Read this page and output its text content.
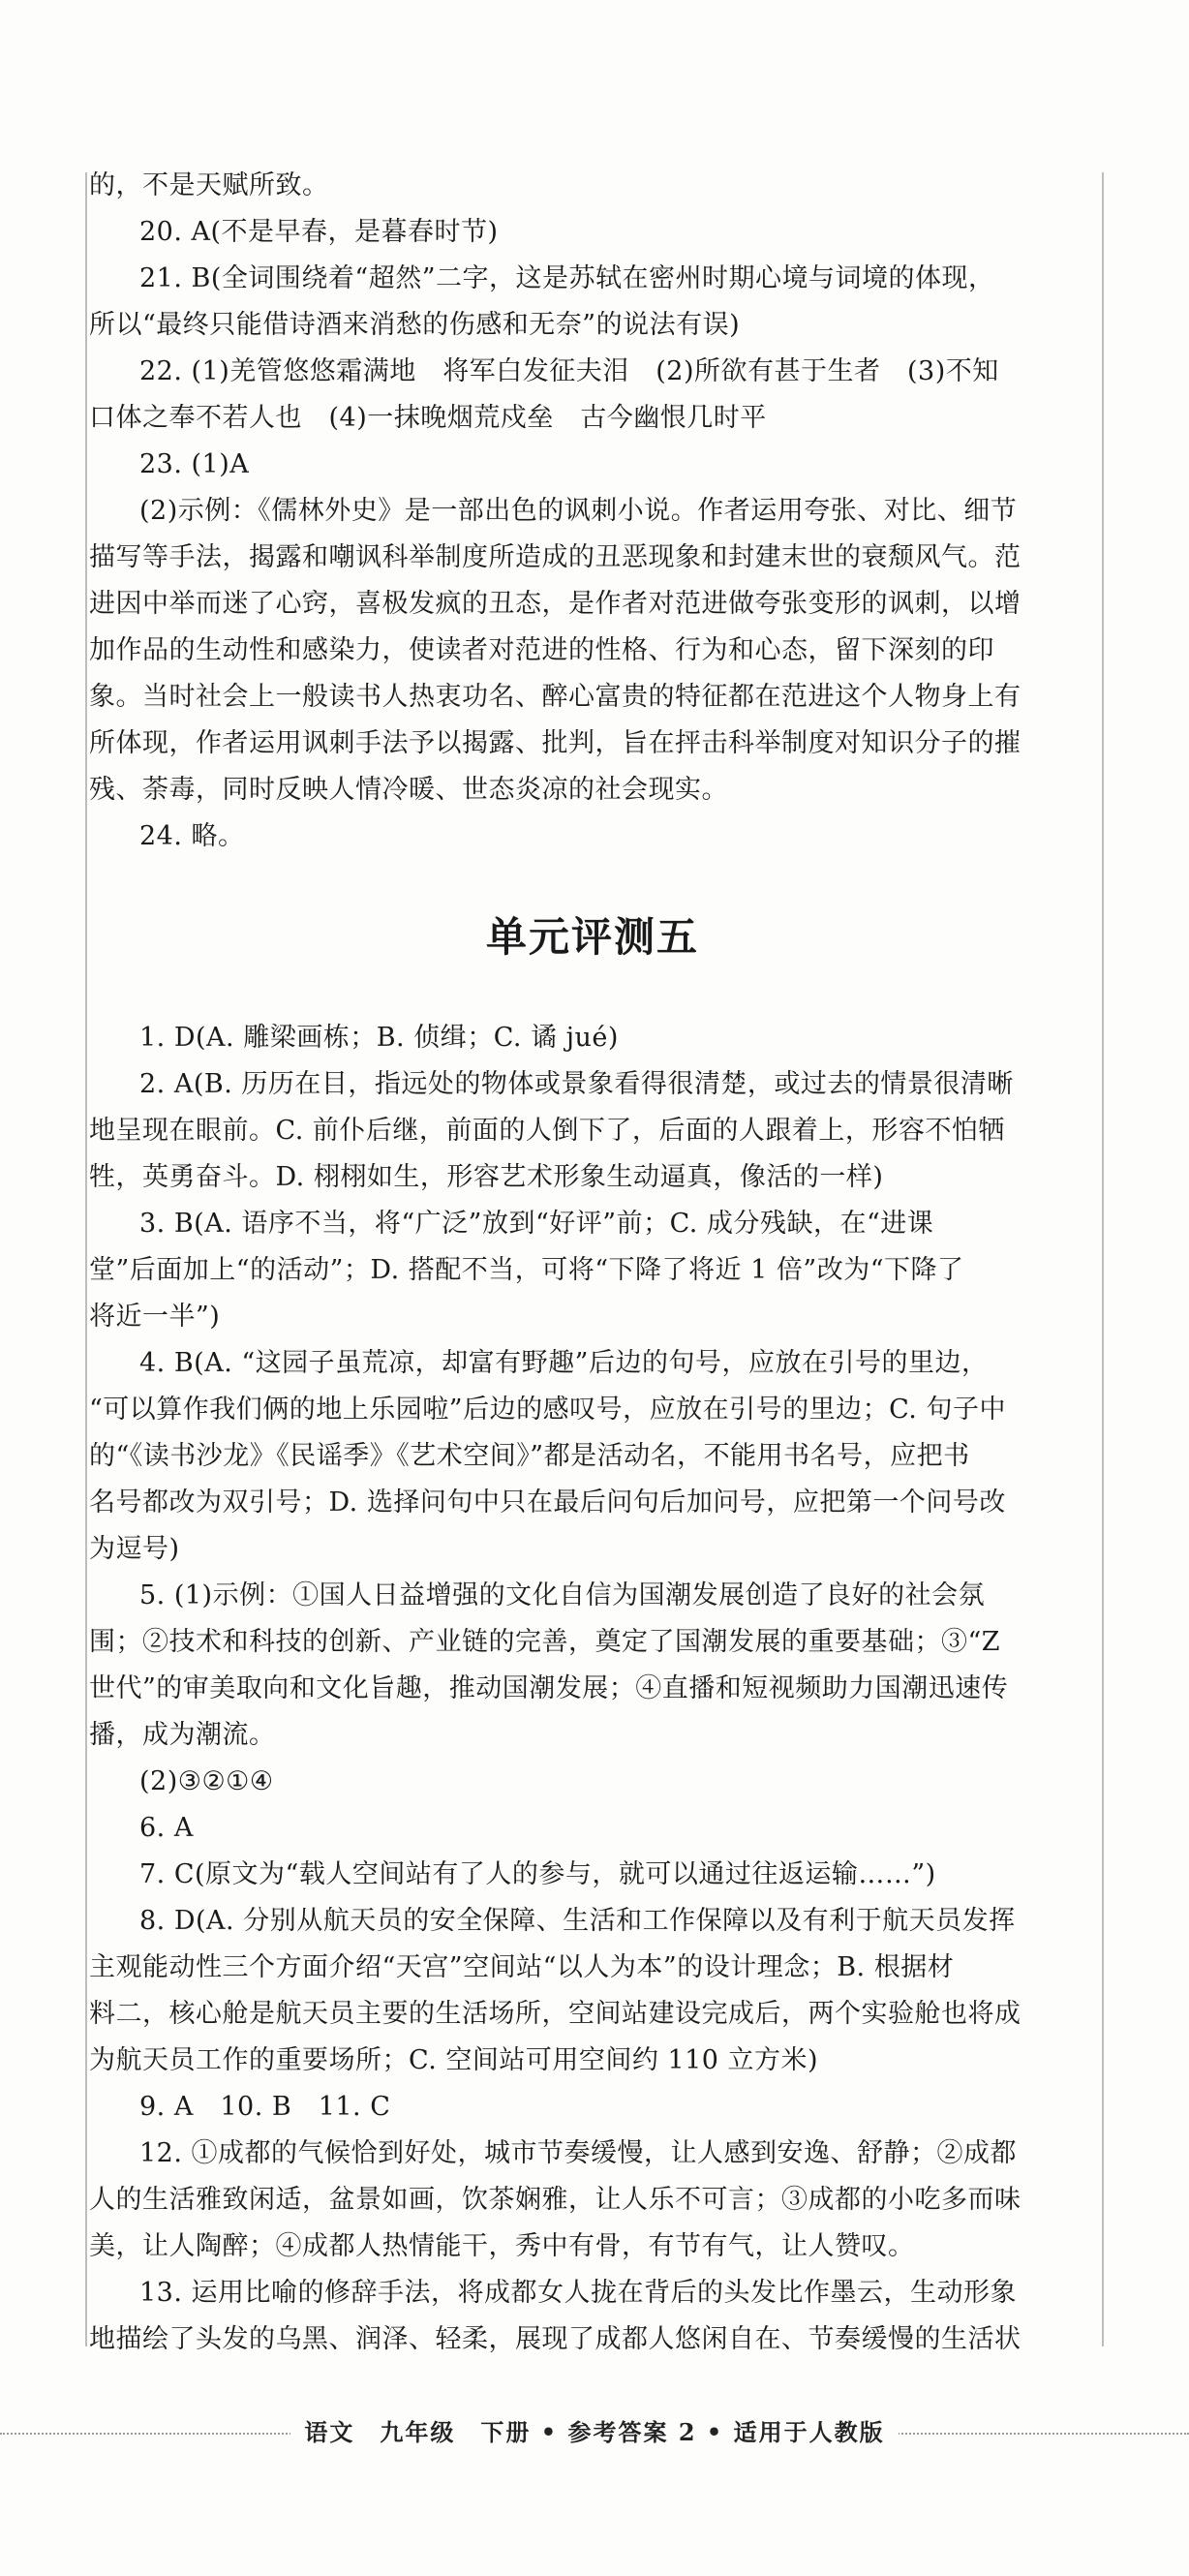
的，不是天赋所致。
20. A(不是早春，是暮春时节)
21. B(全词围绕着“超然”二字，这是苏轼在密州时期心境与词境的体现，
所以“最终只能借诗酒来消愁的伤感和无奈”的说法有误)
22. (1)羌管悠悠霜满地　将军白发征夫泪　(2)所欲有甚于生者　(3)不知
口体之奉不若人也　(4)一抹晚烟荒戍垒　古今幽恨几时平
23. (1)A
(2)示例：《儒林外史》是一部出色的讽刺小说。作者运用夸张、对比、细节
描写等手法，揭露和嘲讽科举制度所造成的丑恶现象和封建末世的衰颓风气。范
进因中举而迷了心窍，喜极发疯的丑态，是作者对范进做夸张变形的讽刺，以增
加作品的生动性和感染力，使读者对范进的性格、行为和心态，留下深刻的印
象。当时社会上一般读书人热衷功名、醉心富贵的特征都在范进这个人物身上有
所体现，作者运用讽刺手法予以揭露、批判，旨在抨击科举制度对知识分子的摧
残、荼毒，同时反映人情冷暖、世态炎凉的社会现实。
24. 略。
单元评测五
1. D(A. 雕梁画栋；B. 侦缉；C. 谲 jué)
2. A(B. 历历在目，指远处的物体或景象看得很清楚，或过去的情景很清晰
地呈现在眼前。C. 前仆后继，前面的人倒下了，后面的人跟着上，形容不怕牺
牲，英勇奋斗。D. 栩栩如生，形容艺术形象生动逼真，像活的一样)
3. B(A. 语序不当，将“广泛”放到“好评”前；C. 成分残缺，在“进课
堂”后面加上“的活动”；D. 搭配不当，可将“下降了将近 1 倍”改为“下降了
将近一半”)
4. B(A. “这园子虽荒凉，却富有野趣”后边的句号，应放在引号的里边，
“可以算作我们俩的地上乐园啦”后边的感叹号，应放在引号的里边；C. 句子中
的“《读书沙龙》《民谣季》《艺术空间》”都是活动名，不能用书名号，应把书
名号都改为双引号；D. 选择问句中只在最后问句后加问号，应把第一个问号改
为逗号)
5. (1)示例：①国人日益增强的文化自信为国潮发展创造了良好的社会氛
围；②技术和科技的创新、产业链的完善，奠定了国潮发展的重要基础；③“Z
世代”的审美取向和文化旨趣，推动国潮发展；④直播和短视频助力国潮迅速传
播，成为潮流。
(2)③②①④
6. A
7. C(原文为“载人空间站有了人的参与，就可以通过往返运输……”)
8. D(A. 分别从航天员的安全保障、生活和工作保障以及有利于航天员发挥
主观能动性三个方面介绍“天宫”空间站“以人为本”的设计理念；B. 根据材
料二，核心舱是航天员主要的生活场所，空间站建设完成后，两个实验舱也将成
为航天员工作的重要场所；C. 空间站可用空间约 110 立方米)
9. A　10. B　11. C
12. ①成都的气候恰到好处，城市节奏缓慢，让人感到安逸、舒静；②成都
人的生活雅致闲适，盆景如画，饮茶娴雅，让人乐不可言；③成都的小吃多而味
美，让人陶醉；④成都人热情能干，秀中有骨，有节有气，让人赞叹。
13. 运用比喻的修辞手法，将成都女人拢在背后的头发比作墨云，生动形象
地描绘了头发的乌黑、润泽、轻柔，展现了成都人悠闲自在、节奏缓慢的生活状
语文　九年级　下册 • 参考答案 2 • 适用于人教版
